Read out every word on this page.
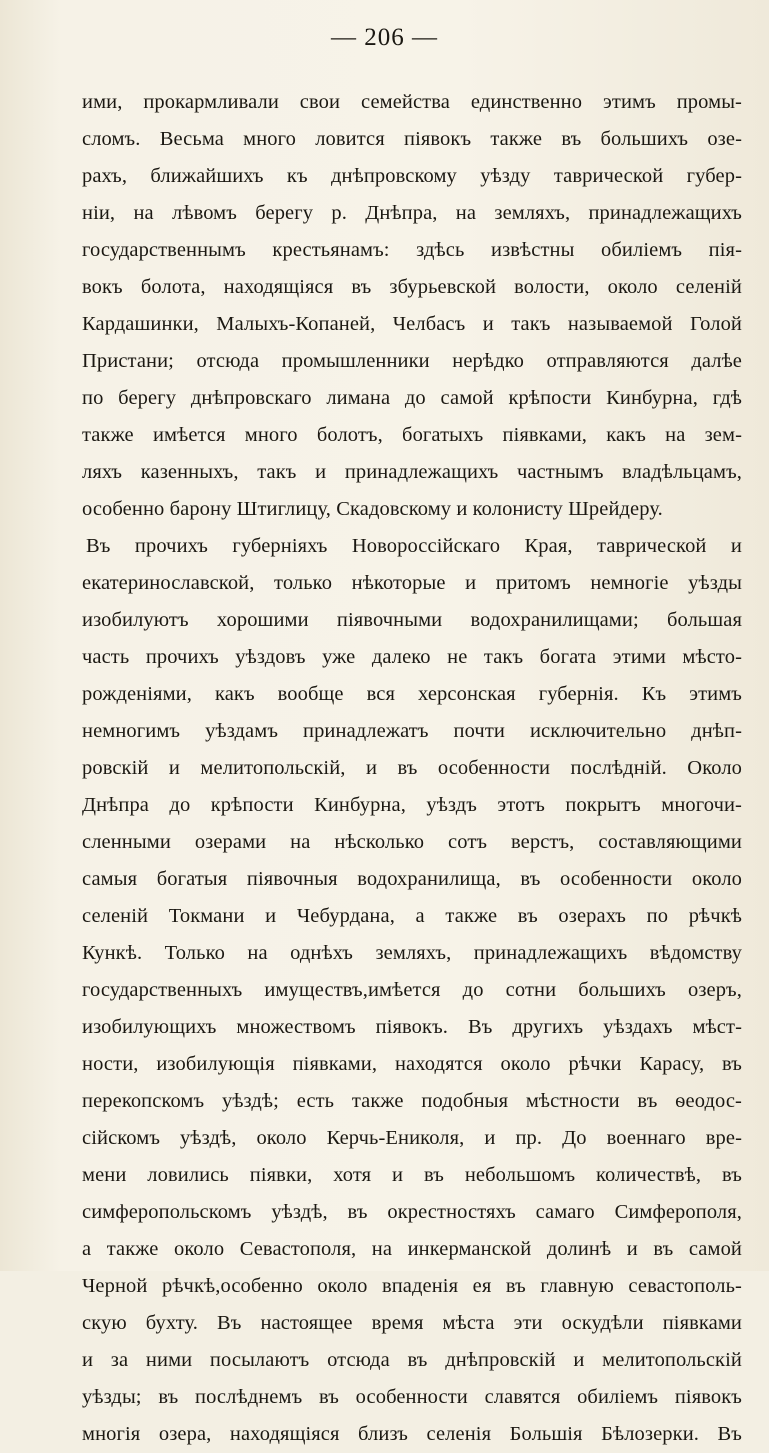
— 206 —
ими, прокармливали свои семейства единственно этимъ промы-
сломъ. Весьма много ловится пiявокъ также въ большихъ озе-
рахъ, ближайшихъ къ днѣпровскому уѣзду таврической губер-
нiи, на лѣвомъ берегу р. Днѣпра, на земляхъ, принадлежащихъ
государственнымъ крестьянамъ: здѣсь извѣстны обилiемъ пiя-
вокъ болота, находящiяся въ збурьевской волости, около селенiй
Кардашинки, Малыхъ-Копаней, Челбасъ и такъ называемой Голой
Пристани; отсюда промышленники нерѣдко отправляются далѣе
по берегу днѣпровскаго лимана до самой крѣпости Кинбурна, гдѣ
также имѣется много болотъ, богатыхъ пiявками, какъ на зем-
ляхъ казенныхъ, такъ и принадлежащихъ частнымъ владѣльцамъ,
особенно барону Штиглицу, Скадовскому и колонисту Шрейдеру.
Въ прочихъ губернiяхъ Новороссiйскаго Края, таврической и
екатеринославской, только нѣкоторые и притомъ немногiе уѣзды
изобилуютъ хорошими пiявочными водохранилищами; большая
часть прочихъ уѣздовъ уже далеко не такъ богата этими мѣсто-
рожденiями, какъ вообще вся херсонская губернiя. Къ этимъ
немногимъ уѣздамъ принадлежатъ почти исключительно днѣп-
ровскiй и мелитопольскiй, и въ особенности послѣднiй. Около
Днѣпра до крѣпости Кинбурна, уѣздъ этотъ покрытъ многочи-
сленными озерами на нѣсколько сотъ верстъ, составляющими
самыя богатыя пiявочныя водохранилища, въ особенности около
селенiй Токмани и Чебурдана, а также въ озерахъ по рѣчкѣ
Кункѣ. Только на однѣхъ земляхъ, принадлежащихъ вѣдомству
государственныхъ имуществъ,имѣется до сотни большихъ озеръ,
изобилующихъ множествомъ пiявокъ. Въ другихъ уѣздахъ мѣст-
ности, изобилующiя пiявками, находятся около рѣчки Карасу, въ
перекопскомъ уѣздѣ; есть также подобныя мѣстности въ ѳеодос-
сiйскомъ уѣздѣ, около Керчь-Ениколя, и пр. До военнаго вре-
мени ловились пiявки, хотя и въ небольшомъ количествѣ, въ
симферопольскомъ уѣздѣ, въ окрестностяхъ самаго Симферополя,
а также около Севастополя, на инкерманской долинѣ и въ самой
Черной рѣчкѣ,особенно около впаденiя ея въ главную севастополь-
скую бухту. Въ настоящее время мѣста эти оскудѣли пiявками
и за ними посылаютъ отсюда въ днѣпровскiй и мелитопольскiй
уѣзды; въ послѣднемъ въ особенности славятся обилiемъ пiявокъ
многiя озера, находящiяся близъ селенiя Большiя Бѣлозерки. Въ
